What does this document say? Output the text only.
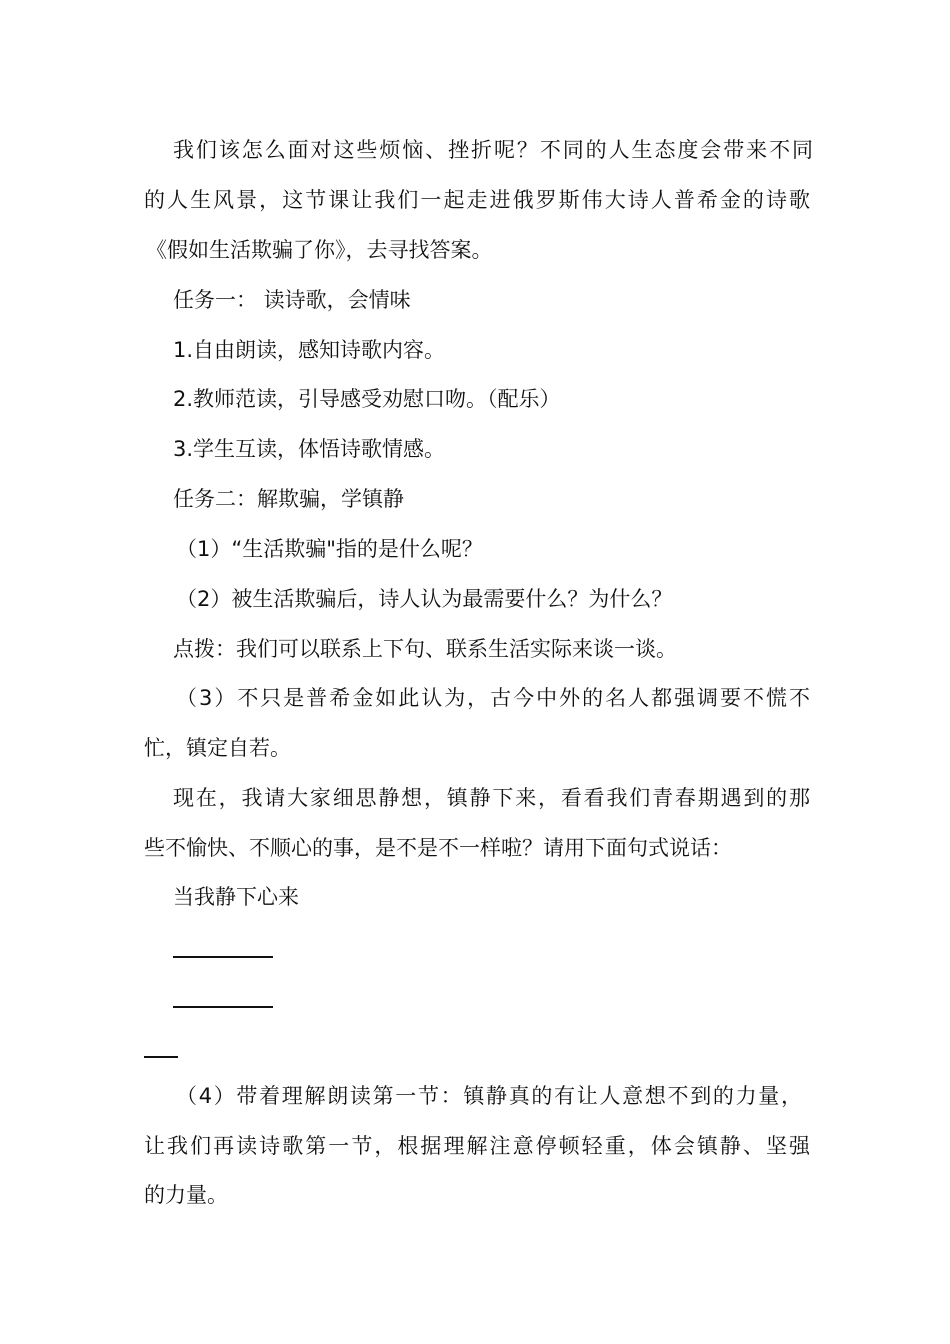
我们该怎么面对这些烦恼、挫折呢？不同的人生态度会带来不同
的人生风景，这节课让我们一起走进俄罗斯伟大诗人普希金的诗歌
《假如生活欺骗了你》，去寻找答案。
任务一： 读诗歌，会情味
1.自由朗读，感知诗歌内容。
2.教师范读，引导感受劝慰口吻。（配乐）
3.学生互读，体悟诗歌情感。
任务二：解欺骗，学镇静
（1）“生活欺骗"指的是什么呢？
（2）被生活欺骗后，诗人认为最需要什么？为什么？
点拨：我们可以联系上下句、联系生活实际来谈一谈。
（3）不只是普希金如此认为，古今中外的名人都强调要不慌不
忙，镇定自若。
现在，我请大家细思静想，镇静下来，看看我们青春期遇到的那
些不愉快、不顺心的事，是不是不一样啦？请用下面句式说话：
当我静下心来
（4）带着理解朗读第一节：镇静真的有让人意想不到的力量，
让我们再读诗歌第一节，根据理解注意停顿轻重，体会镇静、坚强
的力量。
